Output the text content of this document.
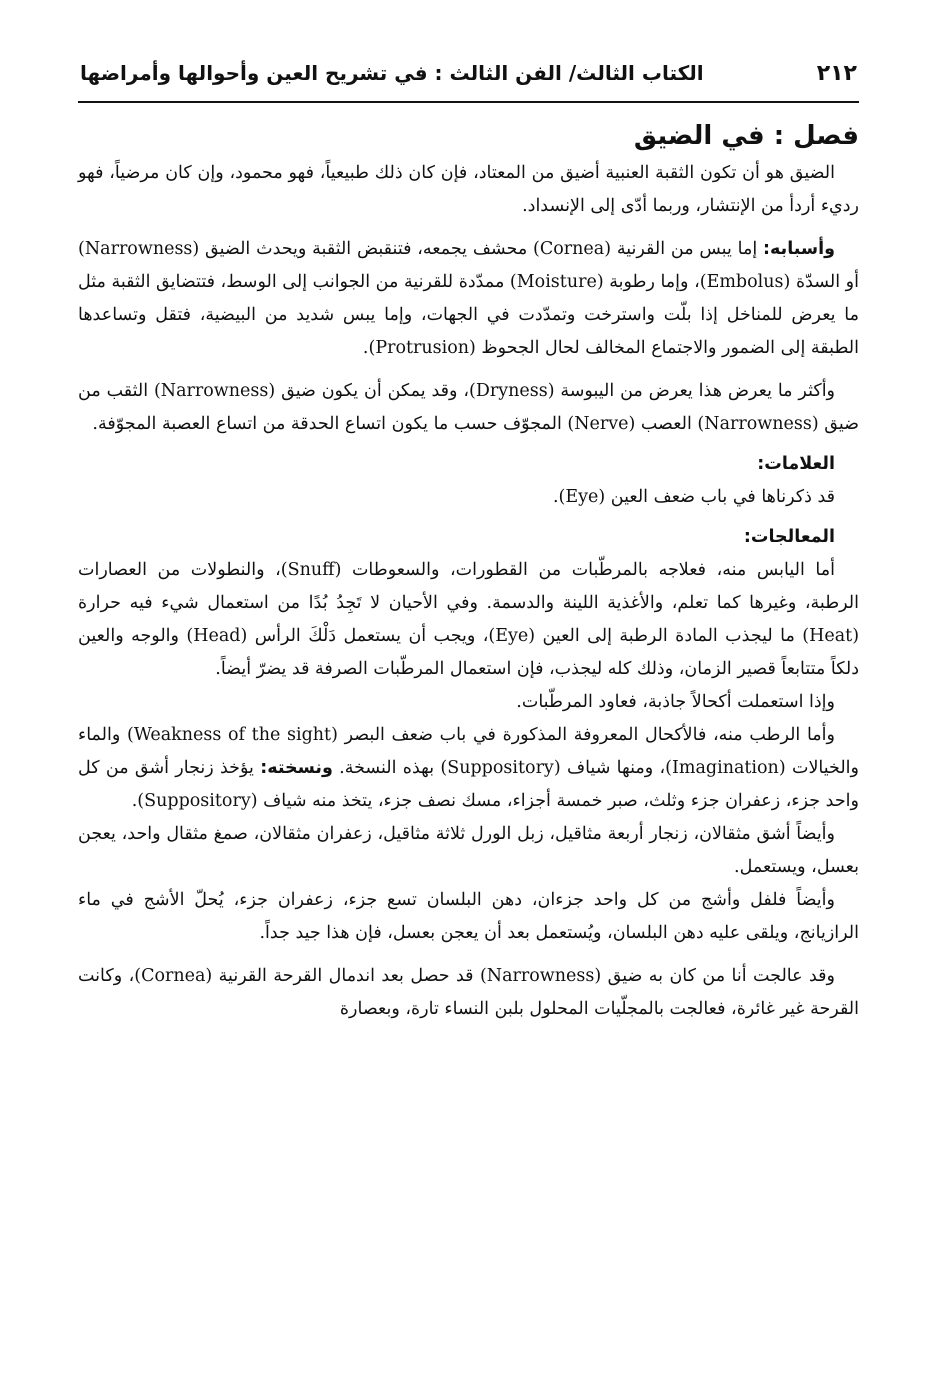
٢١٢
الكتاب الثالث/ الفن الثالث : في تشريح العين وأحوالها وأمراضها
فصل : في الضيق

الضيق هو أن تكون الثقبة العنبية أضيق من المعتاد، فإن كان ذلك طبيعياً، فهو محمود، وإن كان مرضياً، فهو رديء أردأ من الإنتشار، وربما أدّى إلى الإنسداد.

وأسبابه: إما يبس من القرنية (Cornea) محشف يجمعه، فتنقبض الثقبة ويحدث الضيق (Narrowness) أو السدّة (Embolus)، وإما رطوبة (Moisture) ممدّدة للقرنية من الجوانب إلى الوسط، فتتضايق الثقبة مثل ما يعرض للمناخل إذا بلّت واسترخت وتمدّدت في الجهات، وإما يبس شديد من البيضية، فتقل وتساعدها الطبقة إلى الضمور والاجتماع المخالف لحال الجحوظ (Protrusion).

وأكثر ما يعرض هذا يعرض من اليبوسة (Dryness)، وقد يمكن أن يكون ضيق (Narrowness) الثقب من ضيق (Narrowness) العصب (Nerve) المجوّف حسب ما يكون اتساع الحدقة من اتساع العصبة المجوّفة.

العلامات:

قد ذكرناها في باب ضعف العين (Eye).

المعالجات:

أما اليابس منه، فعلاجه بالمرطّبات من القطورات، والسعوطات (Snuff)، والنطولات من العصارات الرطبة، وغيرها كما تعلم، والأغذية اللينة والدسمة. وفي الأحيان لا تَجِدُ بُدًا من استعمال شيء فيه حرارة (Heat) ما ليجذب المادة الرطبة إلى العين (Eye)، ويجب أن يستعمل دَلْكَ الرأس (Head) والوجه والعين دلكاً متتابعاً قصير الزمان، وذلك كله ليجذب، فإن استعمال المرطّبات الصرفة قد يضرّ أيضاً.

وإذا استعملت أكحالاً جاذبة، فعاود المرطّبات.

وأما الرطب منه، فالأكحال المعروفة المذكورة في باب ضعف البصر (Weakness of the sight) والماء والخيالات (Imagination)، ومنها شياف (Suppository) بهذه النسخة. ونسخته: يؤخذ زنجار أشق من كل واحد جزء، زعفران جزء وثلث، صبر خمسة أجزاء، مسك نصف جزء، يتخذ منه شياف (Suppository).

وأيضاً أشق مثقالان، زنجار أربعة مثاقيل، زبل الورل ثلاثة مثاقيل، زعفران مثقالان، صمغ مثقال واحد، يعجن بعسل، ويستعمل.

وأيضاً فلفل وأشج من كل واحد جزءان، دهن البلسان تسع جزء، زعفران جزء، يُحلّ الأشج في ماء الرازيانج، ويلقى عليه دهن البلسان، ويُستعمل بعد أن يعجن بعسل، فإن هذا جيد جداً.

وقد عالجت أنا من كان به ضيق (Narrowness) قد حصل بعد اندمال القرحة القرنية (Cornea)، وكانت القرحة غير غائرة، فعالجت بالمجلّيات المحلول بلبن النساء تارة، وبعصارة
